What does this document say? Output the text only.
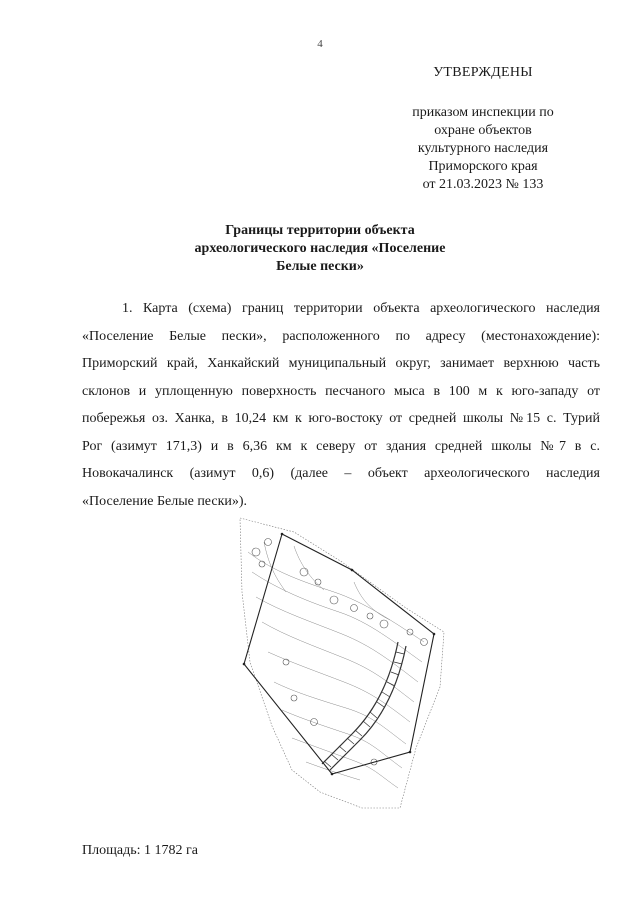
4
УТВЕРЖДЕНЫ
приказом инспекции по
охране объектов
культурного наследия
Приморского края
от 21.03.2023 № 133
Границы территории объекта
археологического наследия «Поселение
Белые пески»
1. Карта (схема) границ территории объекта археологического наследия
«Поселение Белые пески», расположенного по адресу (местонахождение):
Приморский край, Ханкайский муниципальный округ, занимает верхнюю часть
склонов и уплощенную поверхность песчаного мыса в 100 м к юго-западу от
побережья оз. Ханка, в 10,24 км к юго-востоку от средней школы №15 с. Турий
Рог (азимут 171,3) и в 6,36 км к северу от здания средней школы №7 в с.
Новокачалинск (азимут 0,6) (далее – объект археологического наследия
«Поселение Белые пески»).
Площадь: 1 1782 га
